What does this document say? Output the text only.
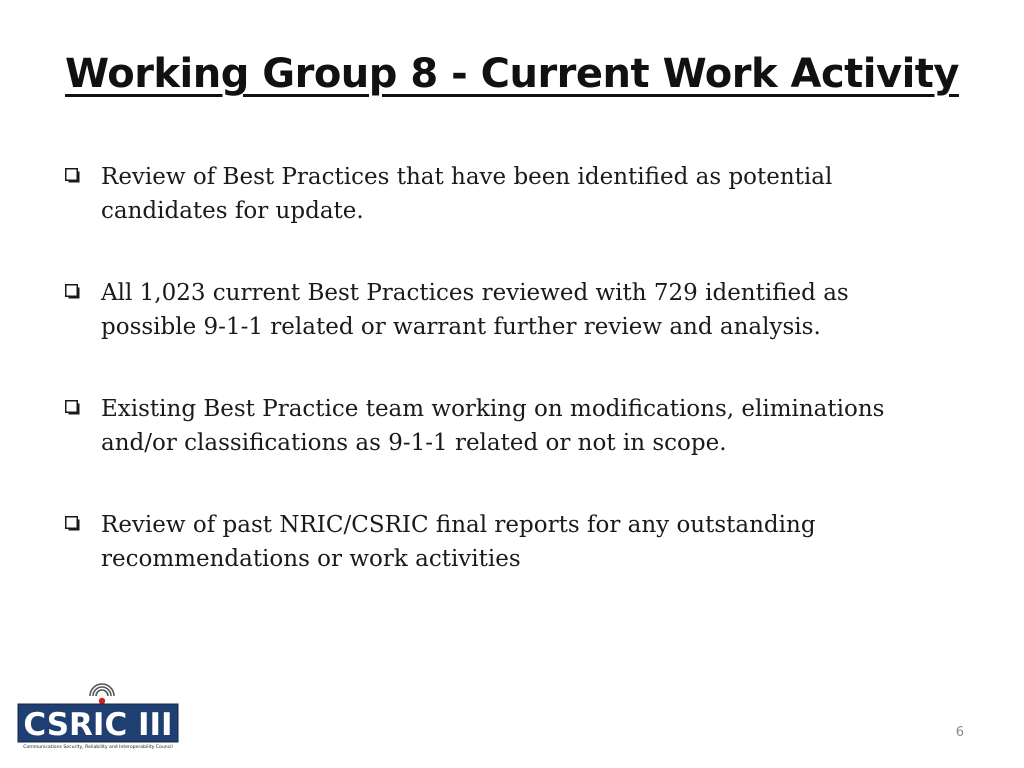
Working Group 8 - Current Work Activity
Review of Best Practices that have been identified as potential candidates for update.
All 1,023 current Best Practices reviewed with 729 identified as possible 9-1-1 related or warrant further review and analysis.
Existing Best Practice team working on modifications, eliminations and/or classifications as 9-1-1 related or not in scope.
Review of past NRIC/CSRIC final reports for any outstanding recommendations or work activities
CSRIC III
Communications Security, Reliability and Interoperability Council
6
